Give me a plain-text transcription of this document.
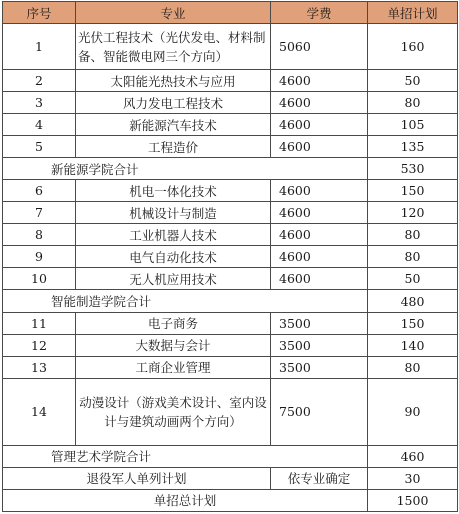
序号	专业	学费	单招计划
1	光伏工程技术（光伏发电、材料制备、智能微电网三个方向）	5060	160
2	太阳能光热技术与应用	4600	50
3	风力发电工程技术	4600	80
4	新能源汽车技术	4600	105
5	工程造价	4600	135
新能源学院合计			530
6	机电一体化技术	4600	150
7	机械设计与制造	4600	120
8	工业机器人技术	4600	80
9	电气自动化技术	4600	80
10	无人机应用技术	4600	50
智能制造学院合计			480
11	电子商务	3500	150
12	大数据与会计	3500	140
13	工商企业管理	3500	80
14	动漫设计（游戏美术设计、室内设计与建筑动画两个方向）	7500	90
管理艺术学院合计			460
退役军人单列计划		依专业确定	30
单招总计划			1500
